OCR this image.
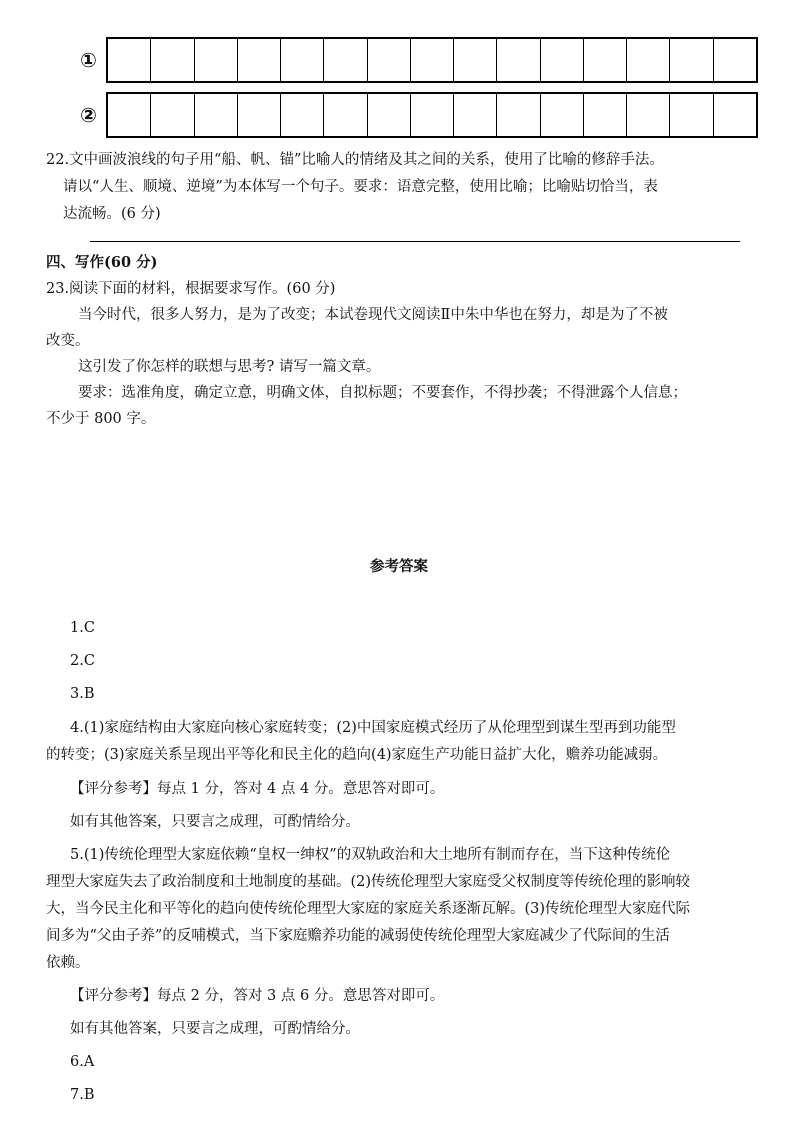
①
②
22.文中画波浪线的句子用“船、帆、锚”比喻人的情绪及其之间的关系，使用了比喻的修辞手法。
请以“人生、顺境、逆境”为本体写一个句子。要求：语意完整，使用比喻；比喻贴切恰当，表
达流畅。(6 分)
四、写作(60 分)
23.阅读下面的材料，根据要求写作。(60 分)
当今时代，很多人努力，是为了改变；本试卷现代文阅读Ⅱ中朱中华也在努力，却是为了不被
改变。
这引发了你怎样的联想与思考? 请写一篇文章。
要求：选准角度，确定立意，明确文体，自拟标题；不要套作，不得抄袭；不得泄露个人信息；
不少于 800 字。
参考答案
1.C
2.C
3.B
4.(1)家庭结构由大家庭向核心家庭转变；(2)中国家庭模式经历了从伦理型到谋生型再到功能型
的转变；(3)家庭关系呈现出平等化和民主化的趋向(4)家庭生产功能日益扩大化，赡养功能减弱。
【评分参考】每点 1 分，答对 4 点 4 分。意思答对即可。
如有其他答案，只要言之成理，可酌情给分。
5.(1)传统伦理型大家庭依赖“皇权一绅权”的双轨政治和大土地所有制而存在，当下这种传统伦
理型大家庭失去了政治制度和土地制度的基础。(2)传统伦理型大家庭受父权制度等传统伦理的影响较
大，当今民主化和平等化的趋向使传统伦理型大家庭的家庭关系逐渐瓦解。(3)传统伦理型大家庭代际
间多为“父由子养”的反哺模式，当下家庭赡养功能的减弱使传统伦理型大家庭减少了代际间的生活
依赖。
【评分参考】每点 2 分，答对 3 点 6 分。意思答对即可。
如有其他答案，只要言之成理，可酌情给分。
6.A
7.B
